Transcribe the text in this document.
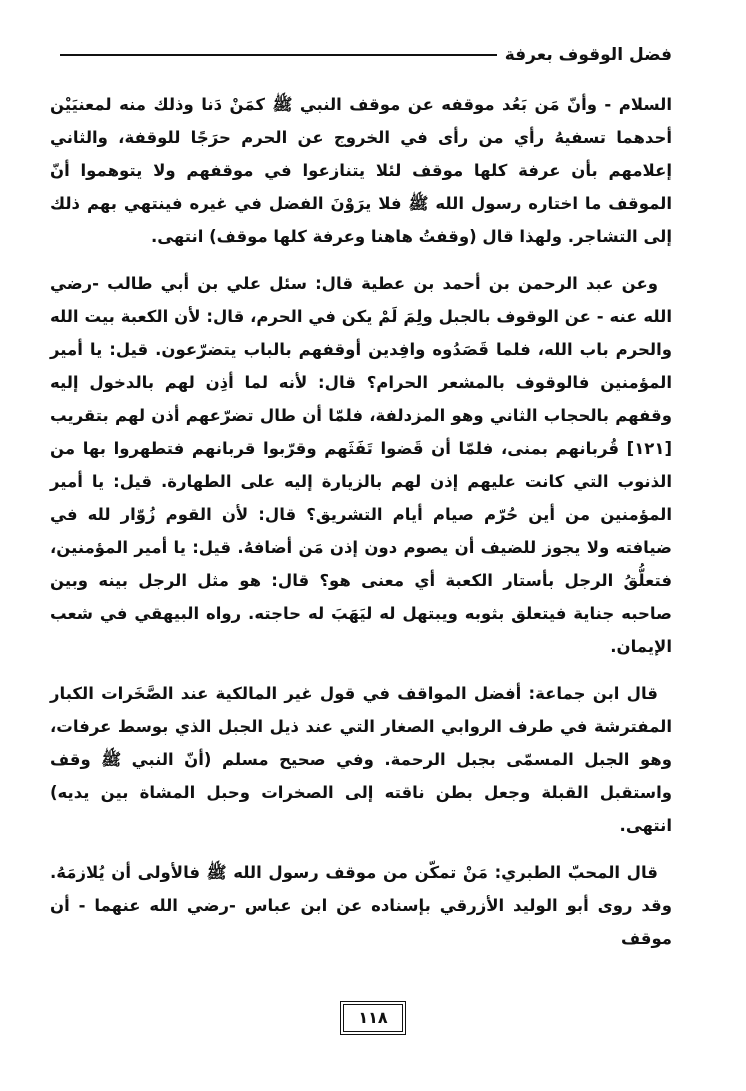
فضل الوقوف بعرفة

السلام - وأنّ مَن بَعُد موقفه عن موقف النبي ﷺ كمَنْ دَنا وذلك منه لمعنيَيْن أحدهما تسفيهُ رأي من رأى في الخروج عن الحرم حرَجًا للوقفة، والثاني إعلامهم بأن عرفة كلها موقف لئلا يتنازعوا في موقفهم ولا يتوهموا أنّ الموقف ما اختاره رسول الله ﷺ فلا يرَوْنَ الفضل في غيره فينتهي بهم ذلك إلى التشاجر. ولهذا قال (وقفتُ هاهنا وعرفة كلها موقف) انتهى.

وعن عبد الرحمن بن أحمد بن عطية قال: سئل علي بن أبي طالب -رضي الله عنه - عن الوقوف بالجبل ولِمَ لَمْ يكن في الحرم، قال: لأن الكعبة بيت الله والحرم باب الله، فلما قَصَدُوه وافِدين أوقفهم بالباب يتضرّعون. قيل: يا أمير المؤمنين فالوقوف بالمشعر الحرام؟ قال: لأنه لما أذِن لهم بالدخول إليه وقفهم بالحجاب الثاني وهو المزدلفة، فلمّا أن طال تضرّعهم أذن لهم بتقريب [١٢١] قُربانهم بمنى، فلمّا أن قَضوا تَفَثَهم وقرّبوا قربانهم فتطهروا بها من الذنوب التي كانت عليهم إذن لهم بالزيارة إليه على الطهارة. قيل: يا أمير المؤمنين من أين حُرّم صيام أيام التشريق؟ قال: لأن القوم زُوّار لله في ضيافته ولا يجوز للضيف أن يصوم دون إذن مَن أضافهُ. قيل: يا أمير المؤمنين، فتعلُّقُ الرجل بأستار الكعبة أي معنى هو؟ قال: هو مثل الرجل بينه وبين صاحبه جناية فيتعلق بثوبه ويبتهل له ليَهَبَ له حاجته. رواه البيهقي في شعب الإيمان.

قال ابن جماعة: أفضل المواقف في قول غير المالكية عند الصَّخَرات الكبار المفترشة في طرف الروابي الصغار التي عند ذيل الجبل الذي بوسط عرفات، وهو الجبل المسمّى بجبل الرحمة. وفي صحيح مسلم (أنّ النبي ﷺ وقف واستقبل القبلة وجعل بطن ناقته إلى الصخرات وحبل المشاة بين يديه) انتهى.

قال المحبّ الطبري: مَنْ تمكّن من موقف رسول الله ﷺ فالأولى أن يُلازمَهُ. وقد روى أبو الوليد الأزرقي بإسناده عن ابن عباس -رضي الله عنهما - أن موقف

١١٨
